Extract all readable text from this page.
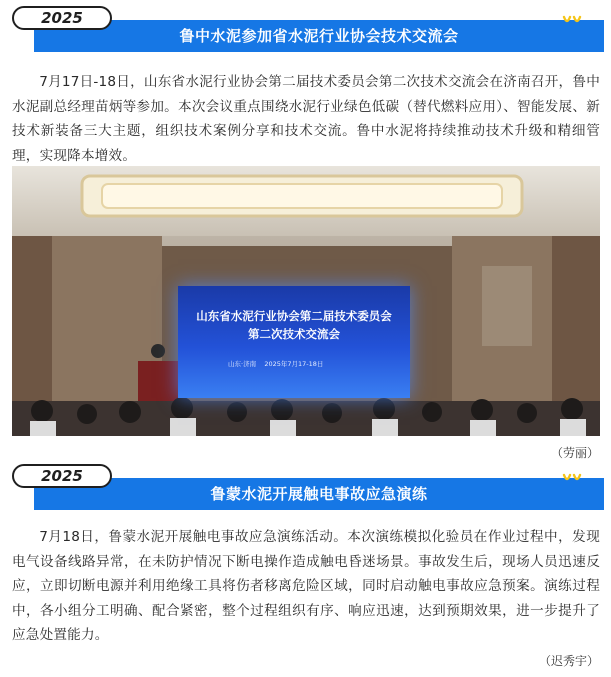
鲁中水泥参加省水泥行业协会技术交流会
2025

7月17日-18日，山东省水泥行业协会第二届技术委员会第二次技术交流会在济南召开，鲁中水泥副总经理苗炳等参加。本次会议重点围绕水泥行业绿色低碳（替代燃料应用）、智能发展、新技术新装备三大主题，组织技术案例分享和技术交流。鲁中水泥将持续推动技术升级和精细管理，实现降本增效。

山东省水泥行业协会第二届技术委员会
第二次技术交流会
山东·济南 2025年7月17-18日
（劳丽）
鲁蒙水泥开展触电事故应急演练
2025

7月18日，鲁蒙水泥开展触电事故应急演练活动。本次演练模拟化验员在作业过程中，发现电气设备线路异常，在未防护情况下断电操作造成触电昏迷场景。事故发生后，现场人员迅速反应，立即切断电源并利用绝缘工具将伤者移离危险区域，同时启动触电事故应急预案。演练过程中，各小组分工明确、配合紧密，整个过程组织有序、响应迅速，达到预期效果，进一步提升了应急处置能力。

（迟秀宇）
